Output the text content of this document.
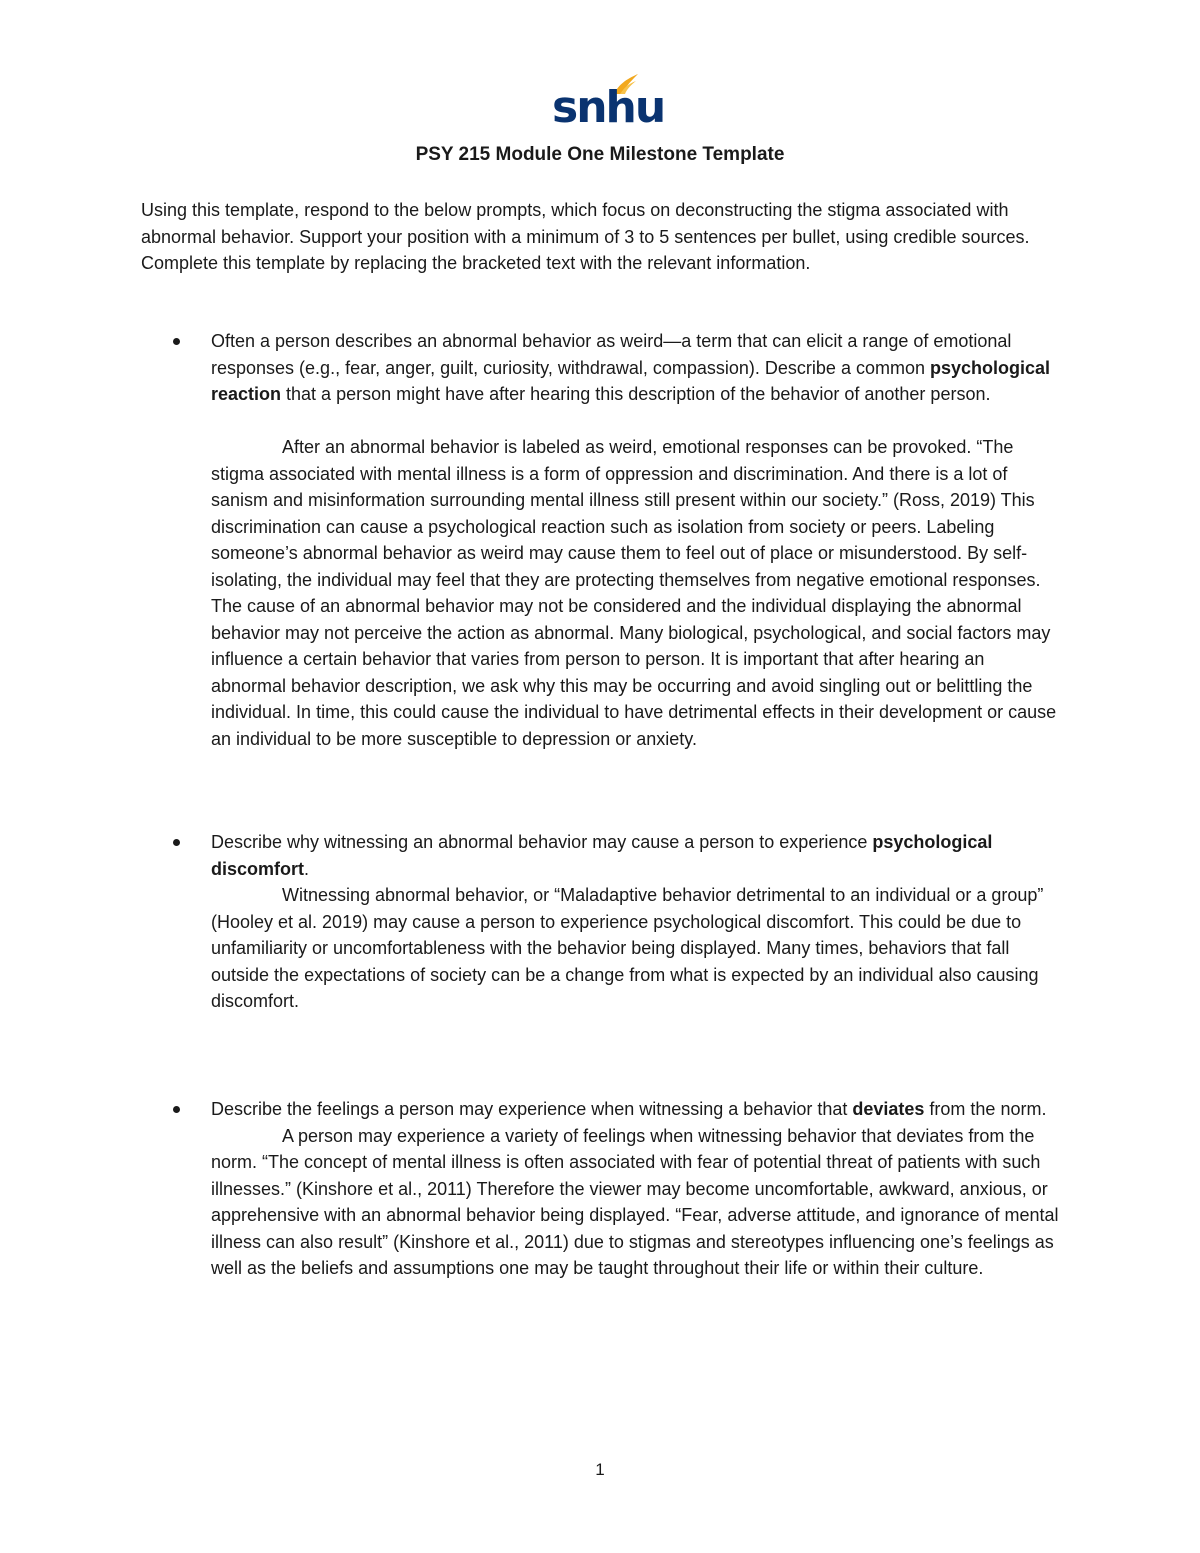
snhu
PSY 215 Module One Milestone Template

Using this template, respond to the below prompts, which focus on deconstructing the stigma associated with abnormal behavior. Support your position with a minimum of 3 to 5 sentences per bullet, using credible sources. Complete this template by replacing the bracketed text with the relevant information.

Often a person describes an abnormal behavior as weird—a term that can elicit a range of emotional responses (e.g., fear, anger, guilt, curiosity, withdrawal, compassion). Describe a common psychological reaction that a person might have after hearing this description of the behavior of another person.

After an abnormal behavior is labeled as weird, emotional responses can be provoked. “The stigma associated with mental illness is a form of oppression and discrimination. And there is a lot of sanism and misinformation surrounding mental illness still present within our society.” (Ross, 2019) This discrimination can cause a psychological reaction such as isolation from society or peers. Labeling someone’s abnormal behavior as weird may cause them to feel out of place or misunderstood. By self-isolating, the individual may feel that they are protecting themselves from negative emotional responses. The cause of an abnormal behavior may not be considered and the individual displaying the abnormal behavior may not perceive the action as abnormal. Many biological, psychological, and social factors may influence a certain behavior that varies from person to person. It is important that after hearing an abnormal behavior description, we ask why this may be occurring and avoid singling out or belittling the individual. In time, this could cause the individual to have detrimental effects in their development or cause an individual to be more susceptible to depression or anxiety.

Describe why witnessing an abnormal behavior may cause a person to experience psychological discomfort.

Witnessing abnormal behavior, or “Maladaptive behavior detrimental to an individual or a group” (Hooley et al. 2019) may cause a person to experience psychological discomfort. This could be due to unfamiliarity or uncomfortableness with the behavior being displayed. Many times, behaviors that fall outside the expectations of society can be a change from what is expected by an individual also causing discomfort.

Describe the feelings a person may experience when witnessing a behavior that deviates from the norm.

A person may experience a variety of feelings when witnessing behavior that deviates from the norm. “The concept of mental illness is often associated with fear of potential threat of patients with such illnesses.” (Kinshore et al., 2011) Therefore the viewer may become uncomfortable, awkward, anxious, or apprehensive with an abnormal behavior being displayed. “Fear, adverse attitude, and ignorance of mental illness can also result” (Kinshore et al., 2011) due to stigmas and stereotypes influencing one’s feelings as well as the beliefs and assumptions one may be taught throughout their life or within their culture.

1
